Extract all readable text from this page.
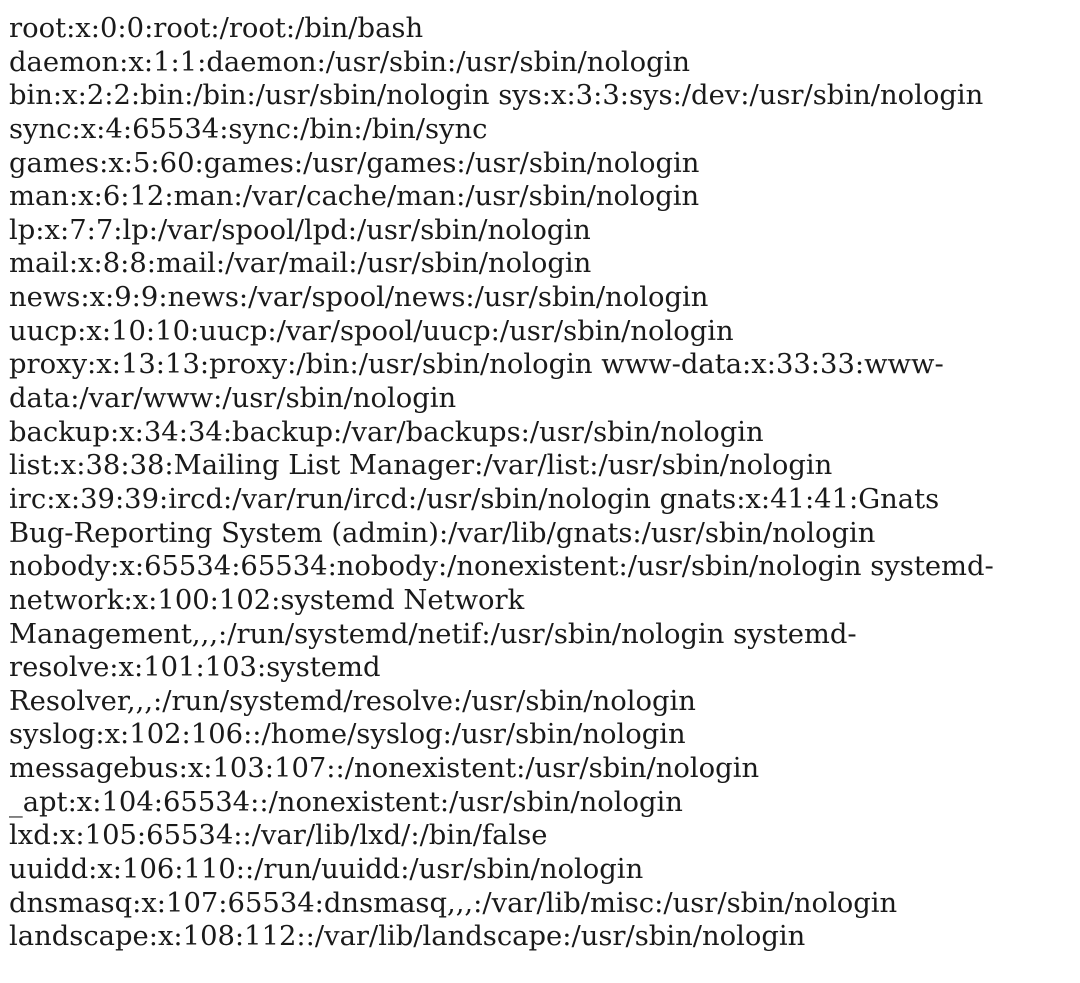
root:x:0:0:root:/root:/bin/bash
daemon:x:1:1:daemon:/usr/sbin:/usr/sbin/nologin
bin:x:2:2:bin:/bin:/usr/sbin/nologin sys:x:3:3:sys:/dev:/usr/sbin/nologin
sync:x:4:65534:sync:/bin:/bin/sync
games:x:5:60:games:/usr/games:/usr/sbin/nologin
man:x:6:12:man:/var/cache/man:/usr/sbin/nologin
lp:x:7:7:lp:/var/spool/lpd:/usr/sbin/nologin
mail:x:8:8:mail:/var/mail:/usr/sbin/nologin
news:x:9:9:news:/var/spool/news:/usr/sbin/nologin
uucp:x:10:10:uucp:/var/spool/uucp:/usr/sbin/nologin
proxy:x:13:13:proxy:/bin:/usr/sbin/nologin www-data:x:33:33:www-
data:/var/www:/usr/sbin/nologin
backup:x:34:34:backup:/var/backups:/usr/sbin/nologin
list:x:38:38:Mailing List Manager:/var/list:/usr/sbin/nologin
irc:x:39:39:ircd:/var/run/ircd:/usr/sbin/nologin gnats:x:41:41:Gnats
Bug-Reporting System (admin):/var/lib/gnats:/usr/sbin/nologin
nobody:x:65534:65534:nobody:/nonexistent:/usr/sbin/nologin systemd-
network:x:100:102:systemd Network
Management,,,:/run/systemd/netif:/usr/sbin/nologin systemd-
resolve:x:101:103:systemd
Resolver,,,:/run/systemd/resolve:/usr/sbin/nologin
syslog:x:102:106::/home/syslog:/usr/sbin/nologin
messagebus:x:103:107::/nonexistent:/usr/sbin/nologin
_apt:x:104:65534::/nonexistent:/usr/sbin/nologin
lxd:x:105:65534::/var/lib/lxd/:/bin/false
uuidd:x:106:110::/run/uuidd:/usr/sbin/nologin
dnsmasq:x:107:65534:dnsmasq,,,:/var/lib/misc:/usr/sbin/nologin
landscape:x:108:112::/var/lib/landscape:/usr/sbin/nologin
